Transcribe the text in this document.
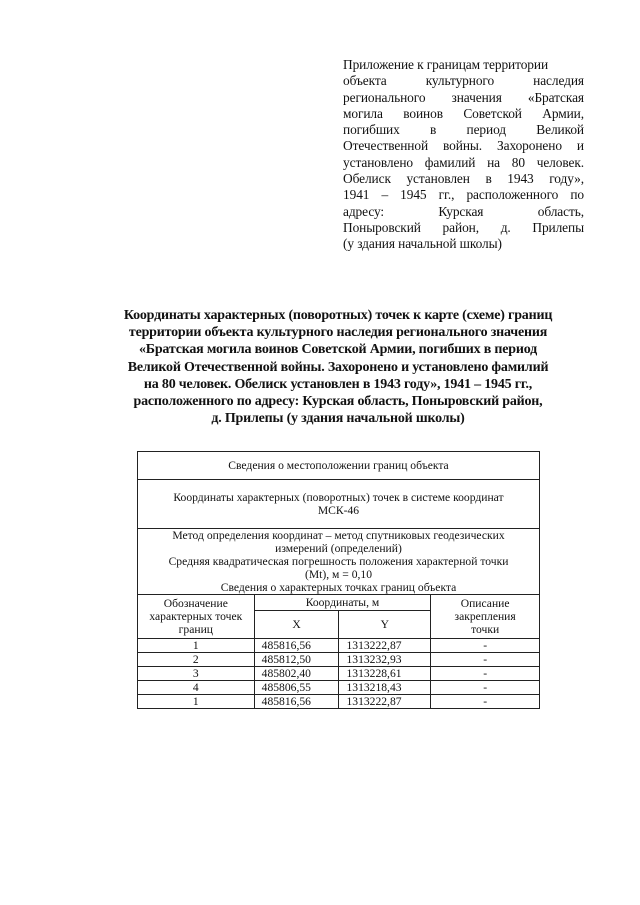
Приложение к границам территории
объекта культурного наследия
регионального значения «Братская
могила воинов Советской Армии,
погибших в период Великой
Отечественной войны. Захоронено и
установлено фамилий на 80 человек.
Обелиск установлен в 1943 году»,
1941 – 1945 гг., расположенного по
адресу: Курская область,
Поныровский район, д. Прилепы
(у здания начальной школы)
Координаты характерных (поворотных) точек к карте (схеме) границ
территории объекта культурного наследия регионального значения
«Братская могила воинов Советской Армии, погибших в период
Великой Отечественной войны. Захоронено и установлено фамилий
на 80 человек. Обелиск установлен в 1943 году», 1941 – 1945 гг.,
расположенного по адресу: Курская область, Поныровский район,
д. Прилепы (у здания начальной школы)
Сведения о местоположении границ объекта			

Координаты характерных (поворотных) точек в системе координат
МСК-46			

Метод определения координат – метод спутниковых геодезических
измерений (определений)
Средняя квадратическая погрешность положения характерной точки
(Mt), м = 0,10
Сведения о характерных точках границ объекта			

Обозначение
характерных точек
границ	Координаты, м		Описание
закрепления
точки

	X	Y	
1	485816,56	1313222,87	-
2	485812,50	1313232,93	-
3	485802,40	1313228,61	-
4	485806,55	1313218,43	-
1	485816,56	1313222,87	-
